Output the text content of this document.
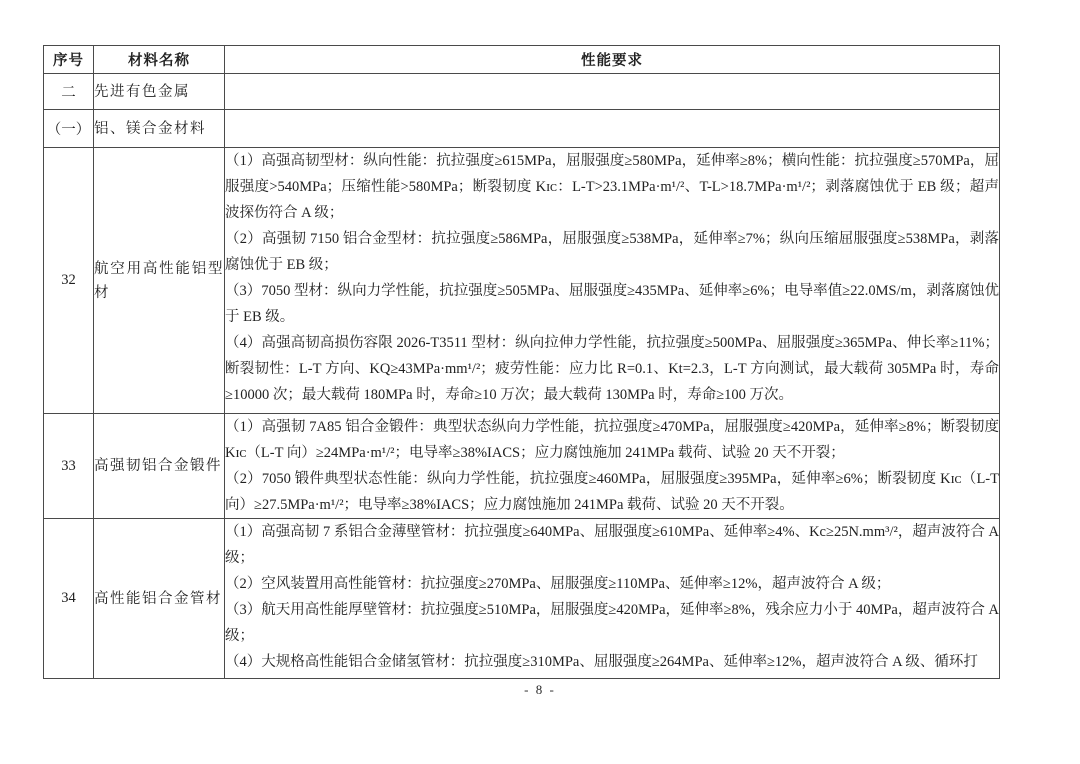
序号	材料名称	性能要求
二	先进有色金属	
（一）	铝、镁合金材料	
32	航空用高性能铝型材	（1）高强高韧型材：纵向性能：抗拉强度≥615MPa，屈服强度≥580MPa，延伸率≥8%；横向性能：抗拉强度≥570MPa，屈服强度>540MPa；压缩性能>580MPa；断裂韧度 Kɪᴄ：L-T>23.1MPa·m¹/²、T-L>18.7MPa·m¹/²；剥落腐蚀优于 EB 级；超声波探伤符合 A 级；

（2）高强韧 7150 铝合金型材：抗拉强度≥586MPa，屈服强度≥538MPa，延伸率≥7%；纵向压缩屈服强度≥538MPa，剥落腐蚀优于 EB 级；

（3）7050 型材：纵向力学性能，抗拉强度≥505MPa、屈服强度≥435MPa、延伸率≥6%；电导率值≥22.0MS/m，剥落腐蚀优于 EB 级。

（4）高强高韧高损伤容限 2026-T3511 型材：纵向拉伸力学性能，抗拉强度≥500MPa、屈服强度≥365MPa、伸长率≥11%；断裂韧性：L-T 方向、KQ≥43MPa·mm¹/²；疲劳性能：应力比 R=0.1、Kt=2.3，L-T 方向测试，最大载荷 305MPa 时，寿命≥10000 次；最大载荷 180MPa 时，寿命≥10 万次；最大载荷 130MPa 时，寿命≥100 万次。

33	高强韧铝合金锻件	（1）高强韧 7A85 铝合金锻件：典型状态纵向力学性能，抗拉强度≥470MPa，屈服强度≥420MPa，延伸率≥8%；断裂韧度 Kɪᴄ（L-T 向）≥24MPa·m¹/²；电导率≥38%IACS；应力腐蚀施加 241MPa 载荷、试验 20 天不开裂；

（2）7050 锻件典型状态性能：纵向力学性能，抗拉强度≥460MPa，屈服强度≥395MPa，延伸率≥6%；断裂韧度 Kɪᴄ（L-T 向）≥27.5MPa·m¹/²；电导率≥38%IACS；应力腐蚀施加 241MPa 载荷、试验 20 天不开裂。

34	高性能铝合金管材	（1）高强高韧 7 系铝合金薄壁管材：抗拉强度≥640MPa、屈服强度≥610MPa、延伸率≥4%、Kc≥25N.mm³/²，超声波符合 A 级；

（2）空风装置用高性能管材：抗拉强度≥270MPa、屈服强度≥110MPa、延伸率≥12%，超声波符合 A 级；

（3）航天用高性能厚壁管材：抗拉强度≥510MPa，屈服强度≥420MPa，延伸率≥8%，残余应力小于 40MPa，超声波符合 A 级；

（4）大规格高性能铝合金储氢管材：抗拉强度≥310MPa、屈服强度≥264MPa、延伸率≥12%，超声波符合 A 级、循环打

- 8 -
